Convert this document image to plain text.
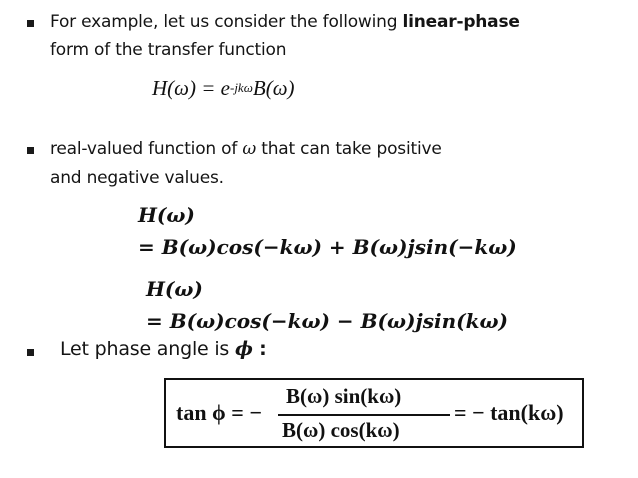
For example, let us consider the following linear-phase
form of the transfer function
$H(\omega) = e^{-jk\omega}B(\omega)$
real-valued function of ω that can take positive
and negative values.
H(ω)
= B(ω)cos(−kω) + B(ω)jsin(−kω)
H(ω)
= B(ω)cos(−kω) − B(ω)jsin(kω)
Let phase angle is ϕ :
tan ϕ = −
B(ω) sin(kω)
B(ω) cos(kω)
= − tan(kω)
